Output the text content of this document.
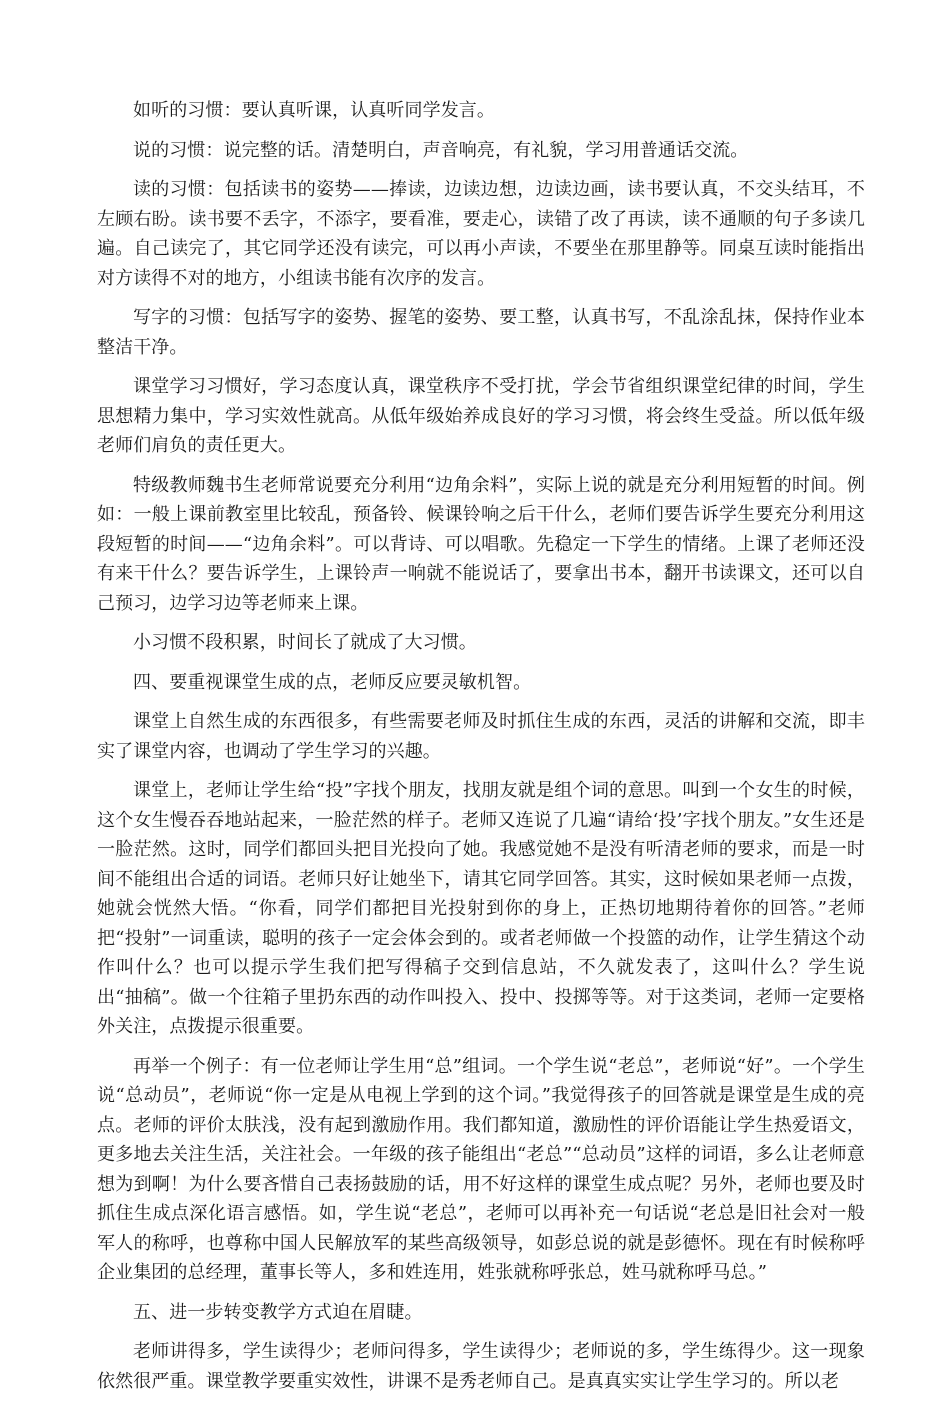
如听的习惯：要认真听课，认真听同学发言。

说的习惯：说完整的话。清楚明白，声音响亮，有礼貌，学习用普通话交流。

读的习惯：包括读书的姿势——捧读，边读边想，边读边画，读书要认真，不交头结耳，不左顾右盼。读书要不丢字，不添字，要看准，要走心，读错了改了再读，读不通顺的句子多读几遍。自己读完了，其它同学还没有读完，可以再小声读，不要坐在那里静等。同桌互读时能指出对方读得不对的地方，小组读书能有次序的发言。

写字的习惯：包括写字的姿势、握笔的姿势、要工整，认真书写，不乱涂乱抹，保持作业本整洁干净。

课堂学习习惯好，学习态度认真，课堂秩序不受打扰，学会节省组织课堂纪律的时间，学生思想精力集中，学习实效性就高。从低年级始养成良好的学习习惯，将会终生受益。所以低年级老师们肩负的责任更大。

特级教师魏书生老师常说要充分利用“边角余料”，实际上说的就是充分利用短暂的时间。例如：一般上课前教室里比较乱，预备铃、候课铃响之后干什么，老师们要告诉学生要充分利用这段短暂的时间——“边角余料”。可以背诗、可以唱歌。先稳定一下学生的情绪。上课了老师还没有来干什么？要告诉学生，上课铃声一响就不能说话了，要拿出书本，翻开书读课文，还可以自己预习，边学习边等老师来上课。

小习惯不段积累，时间长了就成了大习惯。

四、要重视课堂生成的点，老师反应要灵敏机智。

课堂上自然生成的东西很多，有些需要老师及时抓住生成的东西，灵活的讲解和交流，即丰实了课堂内容，也调动了学生学习的兴趣。

课堂上，老师让学生给“投”字找个朋友，找朋友就是组个词的意思。叫到一个女生的时候，这个女生慢吞吞地站起来，一脸茫然的样子。老师又连说了几遍“请给‘投’字找个朋友。”女生还是一脸茫然。这时，同学们都回头把目光投向了她。我感觉她不是没有听清老师的要求，而是一时间不能组出合适的词语。老师只好让她坐下，请其它同学回答。其实，这时候如果老师一点拨，她就会恍然大悟。“你看，同学们都把目光投射到你的身上，正热切地期待着你的回答。”老师把“投射”一词重读，聪明的孩子一定会体会到的。或者老师做一个投篮的动作，让学生猜这个动作叫什么？也可以提示学生我们把写得稿子交到信息站，不久就发表了，这叫什么？学生说出“抽稿”。做一个往箱子里扔东西的动作叫投入、投中、投掷等等。对于这类词，老师一定要格外关注，点拨提示很重要。

再举一个例子：有一位老师让学生用“总”组词。一个学生说“老总”，老师说“好”。一个学生说“总动员”，老师说“你一定是从电视上学到的这个词。”我觉得孩子的回答就是课堂是生成的亮点。老师的评价太肤浅，没有起到激励作用。我们都知道，激励性的评价语能让学生热爱语文，更多地去关注生活，关注社会。一年级的孩子能组出“老总”“总动员”这样的词语，多么让老师意想为到啊！为什么要吝惜自己表扬鼓励的话，用不好这样的课堂生成点呢？另外，老师也要及时抓住生成点深化语言感悟。如，学生说“老总”，老师可以再补充一句话说“老总是旧社会对一般军人的称呼，也尊称中国人民解放军的某些高级领导，如彭总说的就是彭德怀。现在有时候称呼企业集团的总经理，董事长等人，多和姓连用，姓张就称呼张总，姓马就称呼马总。”

五、进一步转变教学方式迫在眉睫。

老师讲得多，学生读得少；老师问得多，学生读得少；老师说的多，学生练得少。这一现象依然很严重。课堂教学要重实效性，讲课不是秀老师自己。是真真实实让学生学习的。所以老
